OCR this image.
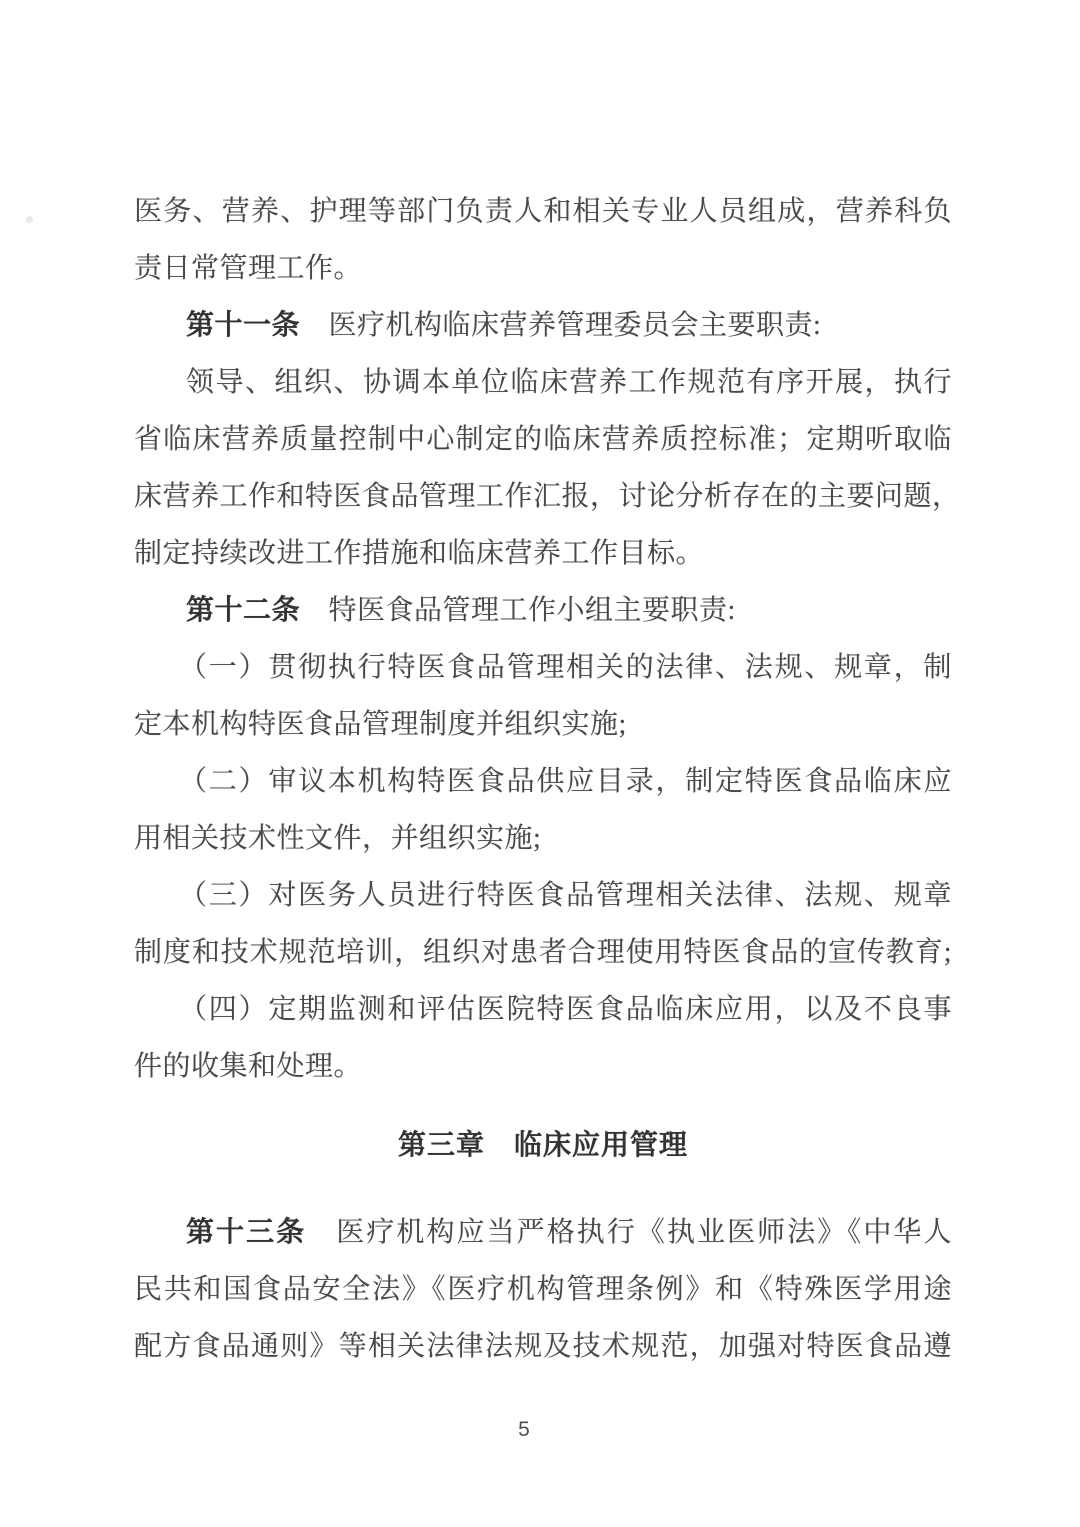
医务、营养、护理等部门负责人和相关专业人员组成，营养科负
责日常管理工作。
第十一条　医疗机构临床营养管理委员会主要职责:
领导、组织、协调本单位临床营养工作规范有序开展，执行
省临床营养质量控制中心制定的临床营养质控标准；定期听取临
床营养工作和特医食品管理工作汇报，讨论分析存在的主要问题，
制定持续改进工作措施和临床营养工作目标。
第十二条　特医食品管理工作小组主要职责:
（一）贯彻执行特医食品管理相关的法律、法规、规章，制
定本机构特医食品管理制度并组织实施;
（二）审议本机构特医食品供应目录，制定特医食品临床应
用相关技术性文件，并组织实施;
（三）对医务人员进行特医食品管理相关法律、法规、规章
制度和技术规范培训，组织对患者合理使用特医食品的宣传教育;
（四）定期监测和评估医院特医食品临床应用，以及不良事
件的收集和处理。
第三章　临床应用管理
第十三条　医疗机构应当严格执行《执业医师法》《中华人
民共和国食品安全法》《医疗机构管理条例》和《特殊医学用途
配方食品通则》等相关法律法规及技术规范，加强对特医食品遵
5
